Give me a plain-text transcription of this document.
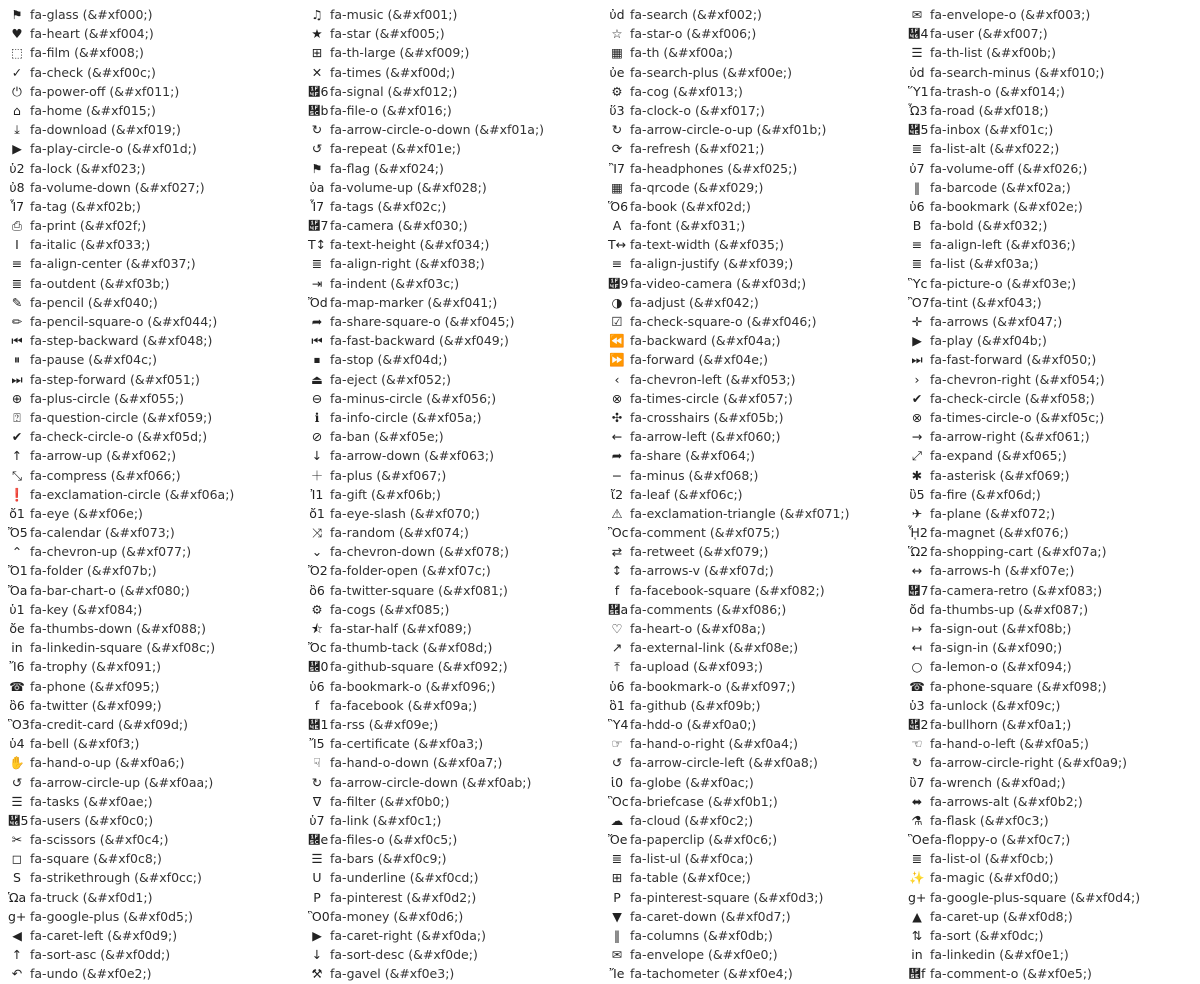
⚑ fa-glass (&#xf000;)
♥ fa-heart (&#xf004;)
⬚ fa-film (&#xf008;)
✓ fa-check (&#xf00c;)
⏻ fa-power-off (&#xf011;)
⌂ fa-home (&#xf015;)
⤓ fa-download (&#xf019;)
▶ fa-play-circle-o (&#xf01d;)
ὑ2 fa-lock (&#xf023;)
ὐ8 fa-volume-down (&#xf027;)
Ἷ7 fa-tag (&#xf02b;)
⎙ fa-print (&#xf02f;)
I fa-italic (&#xf033;)
≡ fa-align-center (&#xf037;)
≣ fa-outdent (&#xf03b;)
✎ fa-pencil (&#xf040;)
✏ fa-pencil-square-o (&#xf044;)
⏮ fa-step-backward (&#xf048;)
⏸ fa-pause (&#xf04c;)
⏭ fa-step-forward (&#xf051;)
⊕ fa-plus-circle (&#xf055;)
⍰ fa-question-circle (&#xf059;)
✔ fa-check-circle-o (&#xf05d;)
↑ fa-arrow-up (&#xf062;)
⤡ fa-compress (&#xf066;)
❗ fa-exclamation-circle (&#xf06a;)
ὄ1 fa-eye (&#xf06e;)
Ὄ5 fa-calendar (&#xf073;)
⌃ fa-chevron-up (&#xf077;)
Ὄ1 fa-folder (&#xf07b;)
Ὄa fa-bar-chart-o (&#xf080;)
ὑ1 fa-key (&#xf084;)
ὄe fa-thumbs-down (&#xf088;)
in fa-linkedin-square (&#xf08c;)
Ἴ6 fa-trophy (&#xf091;)
☎ fa-phone (&#xf095;)
ὂ6 fa-twitter (&#xf099;)
Ὃ3 fa-credit-card (&#xf09d;)
ὑ4 fa-bell (&#xf0f3;)
✋ fa-hand-o-up (&#xf0a6;)
↺ fa-arrow-circle-up (&#xf0aa;)
☰ fa-tasks (&#xf0ae;)
὆5 fa-users (&#xf0c0;)
✂ fa-scissors (&#xf0c4;)
◻ fa-square (&#xf0c8;)
S fa-strikethrough (&#xf0cc;)
Ὡa fa-truck (&#xf0d1;)
g+ fa-google-plus (&#xf0d5;)
◀ fa-caret-left (&#xf0d9;)
↑ fa-sort-asc (&#xf0dd;)
↶ fa-undo (&#xf0e2;)
♫ fa-music (&#xf001;)
★ fa-star (&#xf005;)
⊞ fa-th-large (&#xf009;)
✕ fa-times (&#xf00d;)
὏6 fa-signal (&#xf012;)
὜b fa-file-o (&#xf016;)
↻ fa-arrow-circle-o-down (&#xf01a;)
↺ fa-repeat (&#xf01e;)
⚑ fa-flag (&#xf024;)
ὐa fa-volume-up (&#xf028;)
Ἷ7 fa-tags (&#xf02c;)
὏7 fa-camera (&#xf030;)
T↕ fa-text-height (&#xf034;)
≣ fa-align-right (&#xf038;)
⇥ fa-indent (&#xf03c;)
Ὄd fa-map-marker (&#xf041;)
➦ fa-share-square-o (&#xf045;)
⏮ fa-fast-backward (&#xf049;)
⏹ fa-stop (&#xf04d;)
⏏ fa-eject (&#xf052;)
⊖ fa-minus-circle (&#xf056;)
ℹ fa-info-circle (&#xf05a;)
⊘ fa-ban (&#xf05e;)
↓ fa-arrow-down (&#xf063;)
＋ fa-plus (&#xf067;)
Ἰ1 fa-gift (&#xf06b;)
ὄ1 fa-eye-slash (&#xf070;)
⤨ fa-random (&#xf074;)
⌄ fa-chevron-down (&#xf078;)
Ὄ2 fa-folder-open (&#xf07c;)
ὂ6 fa-twitter-square (&#xf081;)
⚙ fa-cogs (&#xf085;)
⯪ fa-star-half (&#xf089;)
Ὄc fa-thumb-tack (&#xf08d;)
὜0 fa-github-square (&#xf092;)
ὑ6 fa-bookmark-o (&#xf096;)
f fa-facebook (&#xf09a;)
὎1 fa-rss (&#xf09e;)
Ἴ5 fa-certificate (&#xf0a3;)
☟ fa-hand-o-down (&#xf0a7;)
↻ fa-arrow-circle-down (&#xf0ab;)
∇ fa-filter (&#xf0b0;)
ὑ7 fa-link (&#xf0c1;)
὜e fa-files-o (&#xf0c5;)
☰ fa-bars (&#xf0c9;)
U fa-underline (&#xf0cd;)
P fa-pinterest (&#xf0d2;)
Ὃ0 fa-money (&#xf0d6;)
▶ fa-caret-right (&#xf0da;)
↓ fa-sort-desc (&#xf0de;)
⚒ fa-gavel (&#xf0e3;)
ὐd fa-search (&#xf002;)
☆ fa-star-o (&#xf006;)
▦ fa-th (&#xf00a;)
ὐe fa-search-plus (&#xf00e;)
⚙ fa-cog (&#xf013;)
ὕ3 fa-clock-o (&#xf017;)
↻ fa-arrow-circle-o-up (&#xf01b;)
⟳ fa-refresh (&#xf021;)
Ἲ7 fa-headphones (&#xf025;)
▦ fa-qrcode (&#xf029;)
Ὅ6 fa-book (&#xf02d;)
A fa-font (&#xf031;)
T↔ fa-text-width (&#xf035;)
≡ fa-align-justify (&#xf039;)
὏9 fa-video-camera (&#xf03d;)
◑ fa-adjust (&#xf042;)
☑ fa-check-square-o (&#xf046;)
⏪ fa-backward (&#xf04a;)
⏩ fa-forward (&#xf04e;)
‹ fa-chevron-left (&#xf053;)
⊗ fa-times-circle (&#xf057;)
✣ fa-crosshairs (&#xf05b;)
← fa-arrow-left (&#xf060;)
➦ fa-share (&#xf064;)
− fa-minus (&#xf068;)
ἴ2 fa-leaf (&#xf06c;)
⚠ fa-exclamation-triangle (&#xf071;)
Ὂc fa-comment (&#xf075;)
⇄ fa-retweet (&#xf079;)
↕ fa-arrows-v (&#xf07d;)
f fa-facebook-square (&#xf082;)
὞a fa-comments (&#xf086;)
♡ fa-heart-o (&#xf08a;)
↗ fa-external-link (&#xf08e;)
⤒ fa-upload (&#xf093;)
ὑ6 fa-bookmark-o (&#xf097;)
ὃ1 fa-github (&#xf09b;)
Ὓ4 fa-hdd-o (&#xf0a0;)
☞ fa-hand-o-right (&#xf0a4;)
↺ fa-arrow-circle-left (&#xf0a8;)
ἱ0 fa-globe (&#xf0ac;)
Ὃc fa-briefcase (&#xf0b1;)
☁ fa-cloud (&#xf0c2;)
Ὄe fa-paperclip (&#xf0c6;)
≣ fa-list-ul (&#xf0ca;)
⊞ fa-table (&#xf0ce;)
P fa-pinterest-square (&#xf0d3;)
▼ fa-caret-down (&#xf0d7;)
‖ fa-columns (&#xf0db;)
✉ fa-envelope (&#xf0e0;)
Ἴe fa-tachometer (&#xf0e4;)
✉ fa-envelope-o (&#xf003;)
὆4 fa-user (&#xf007;)
☰ fa-th-list (&#xf00b;)
ὐd fa-search-minus (&#xf010;)
Ὕ1 fa-trash-o (&#xf014;)
Ὦ3 fa-road (&#xf018;)
὎5 fa-inbox (&#xf01c;)
≣ fa-list-alt (&#xf022;)
ὐ7 fa-volume-off (&#xf026;)
‖ fa-barcode (&#xf02a;)
ὑ6 fa-bookmark (&#xf02e;)
B fa-bold (&#xf032;)
≡ fa-align-left (&#xf036;)
≣ fa-list (&#xf03a;)
Ὓc fa-picture-o (&#xf03e;)
Ὂ7 fa-tint (&#xf043;)
✛ fa-arrows (&#xf047;)
▶ fa-play (&#xf04b;)
⏭ fa-fast-forward (&#xf050;)
› fa-chevron-right (&#xf054;)
✔ fa-check-circle (&#xf058;)
⊗ fa-times-circle-o (&#xf05c;)
→ fa-arrow-right (&#xf061;)
⤢ fa-expand (&#xf065;)
✱ fa-asterisk (&#xf069;)
ὒ5 fa-fire (&#xf06d;)
✈ fa-plane (&#xf072;)
ᾟ2 fa-magnet (&#xf076;)
Ὥ2 fa-shopping-cart (&#xf07a;)
↔ fa-arrows-h (&#xf07e;)
὏7 fa-camera-retro (&#xf083;)
ὄd fa-thumbs-up (&#xf087;)
↦ fa-sign-out (&#xf08b;)
↤ fa-sign-in (&#xf090;)
○ fa-lemon-o (&#xf094;)
☎ fa-phone-square (&#xf098;)
ὑ3 fa-unlock (&#xf09c;)
὎2 fa-bullhorn (&#xf0a1;)
☜ fa-hand-o-left (&#xf0a5;)
↻ fa-arrow-circle-right (&#xf0a9;)
ὒ7 fa-wrench (&#xf0ad;)
⬌ fa-arrows-alt (&#xf0b2;)
⚗ fa-flask (&#xf0c3;)
Ὃe fa-floppy-o (&#xf0c7;)
≣ fa-list-ol (&#xf0cb;)
✨ fa-magic (&#xf0d0;)
g+ fa-google-plus-square (&#xf0d4;)
▲ fa-caret-up (&#xf0d8;)
⇅ fa-sort (&#xf0dc;)
in fa-linkedin (&#xf0e1;)
὞f fa-comment-o (&#xf0e5;)
